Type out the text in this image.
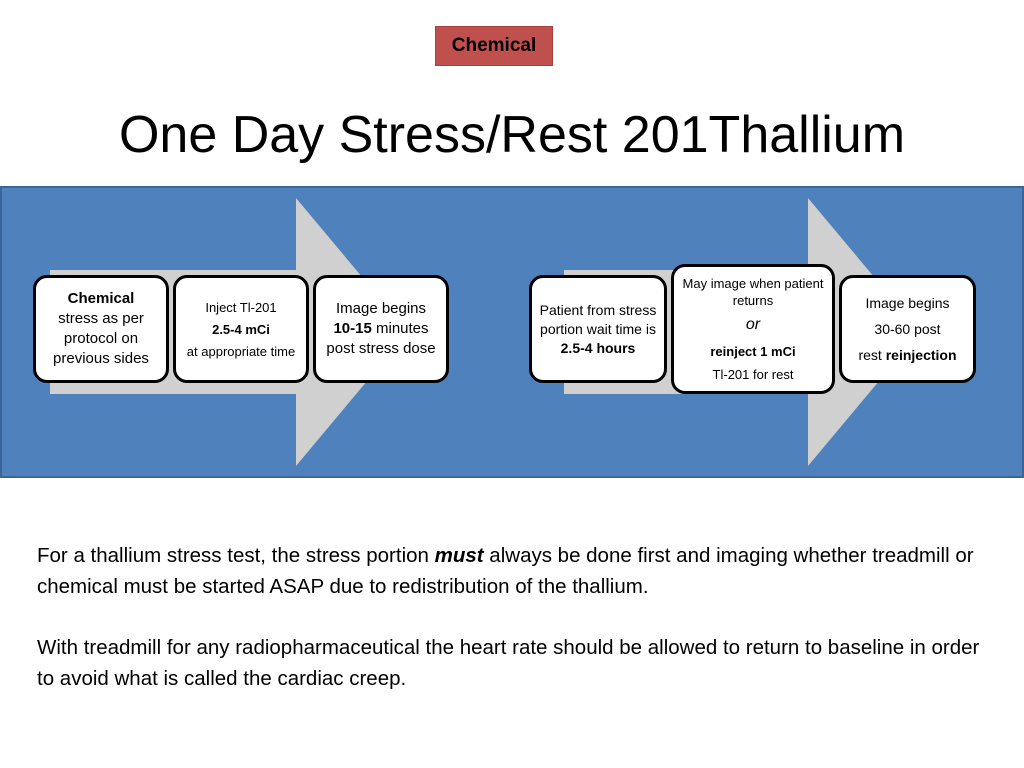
Chemical
One Day Stress/Rest 201Thallium
Chemical
stress as per protocol on previous sides
Inject Tl-201
2.5-4 mCi
at appropriate time
Image begins
10-15 minutes
post stress dose
Patient from stress portion wait time is
2.5-4 hours
May image when patient returns
or
reinject 1 mCi
Tl-201 for rest
Image begins
30-60 post
rest reinjection
For a thallium stress test, the stress portion must always be done first and imaging whether treadmill or chemical must be started ASAP due to redistribution of the thallium.
With treadmill for any radiopharmaceutical the heart rate should be allowed to return to baseline in order to avoid what is called the cardiac creep.
